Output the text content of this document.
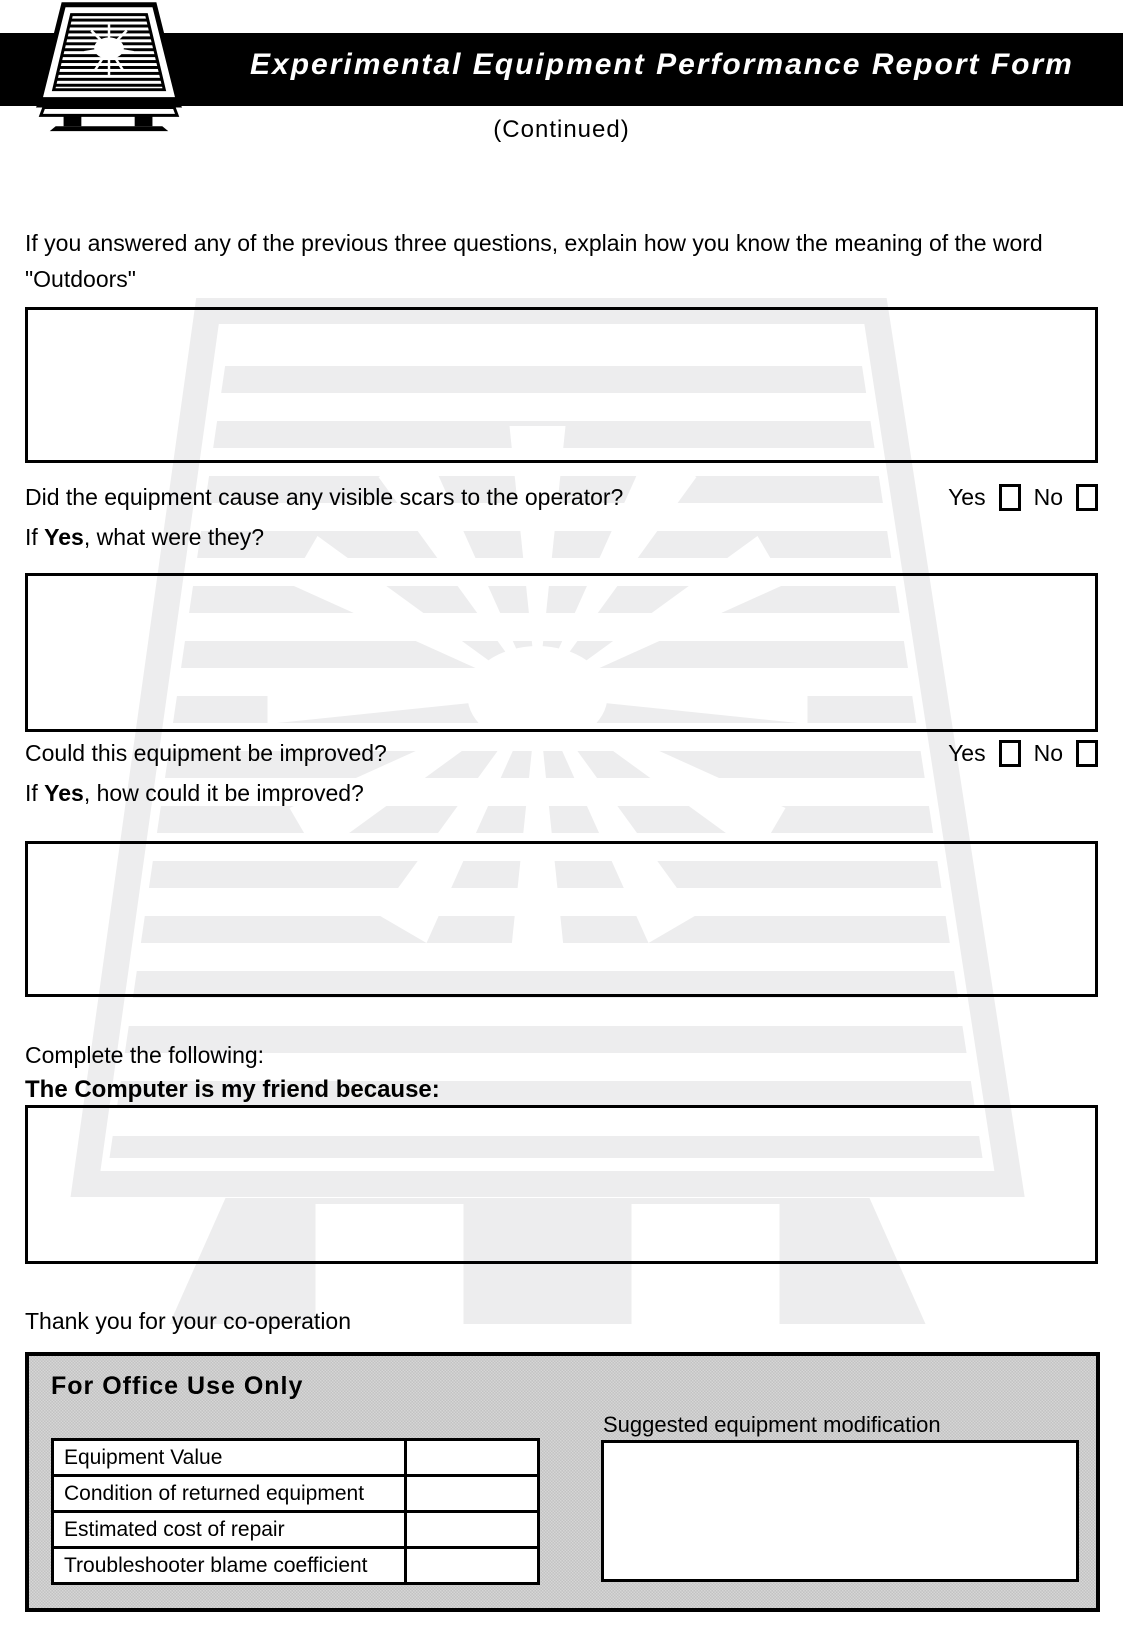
Experimental Equipment Performance Report Form
(Continued)
If you answered any of the previous three questions, explain how you know the meaning of the word "Outdoors"
Did the equipment cause any visible scars to the operator?	Yes No
If Yes, what were they?
Could this equipment be improved?	Yes No
If Yes, how could it be improved?
Complete the following:
The Computer is my friend because:
Thank you for your co-operation
For Office Use Only
Equipment Value	
Condition of returned equipment	
Estimated cost of repair	
Troubleshooter blame coefficient	
Suggested equipment modification
